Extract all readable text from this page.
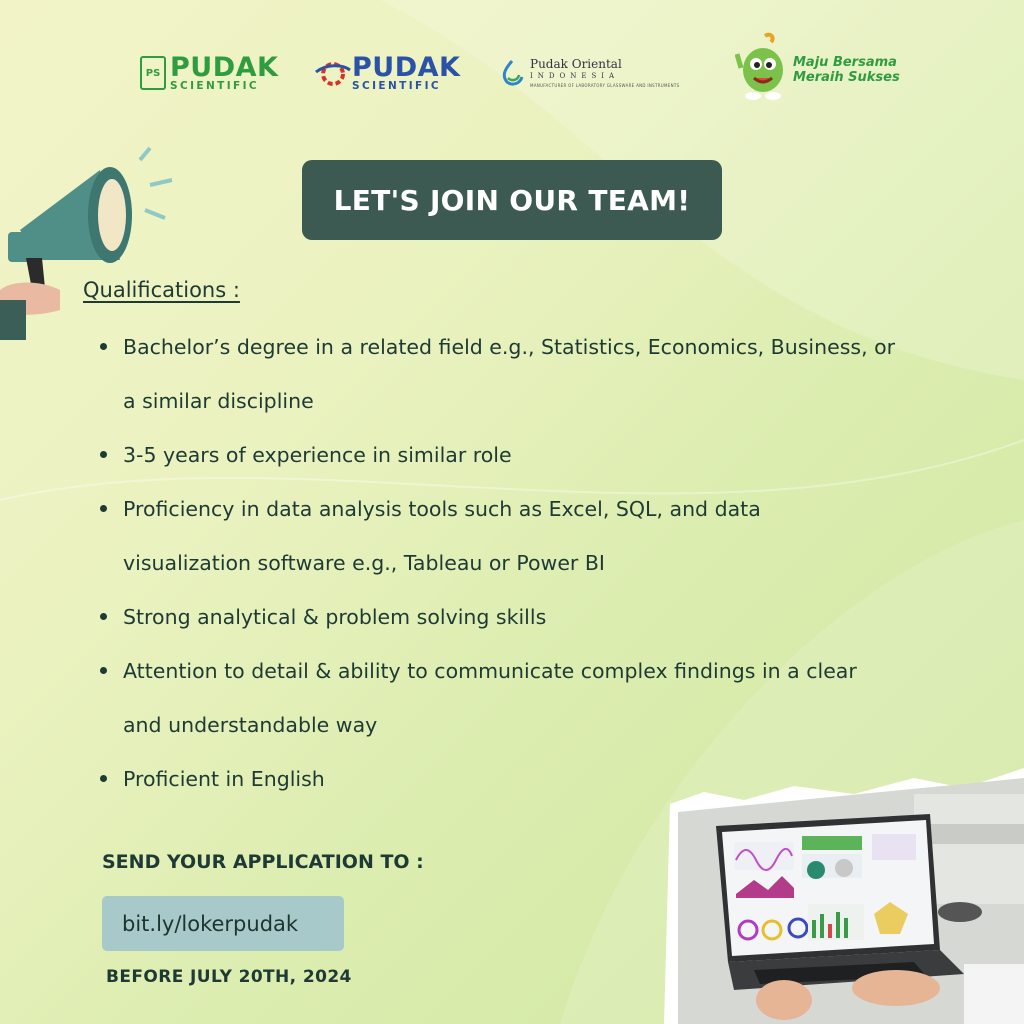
PS PUDAK
SCIENTIFIC
PUDAK
SCIENTIFIC
Pudak Oriental
INDONESIA
MANUFACTURER OF LABORATORY GLASSWARE AND INSTRUMENTS
Maju Bersama
Meraih Sukses
LET'S JOIN OUR TEAM!
Qualifications :
Bachelor’s degree in a related field e.g., Statistics, Economics, Business, or
a similar discipline
3-5 years of experience in similar role
Proficiency in data analysis tools such as Excel, SQL, and data
visualization software e.g., Tableau or Power BI
Strong analytical & problem solving skills
Attention to detail & ability to communicate complex findings in a clear
and understandable way
Proficient in English
SEND YOUR APPLICATION TO :
bit.ly/lokerpudak
BEFORE JULY 20TH, 2024
